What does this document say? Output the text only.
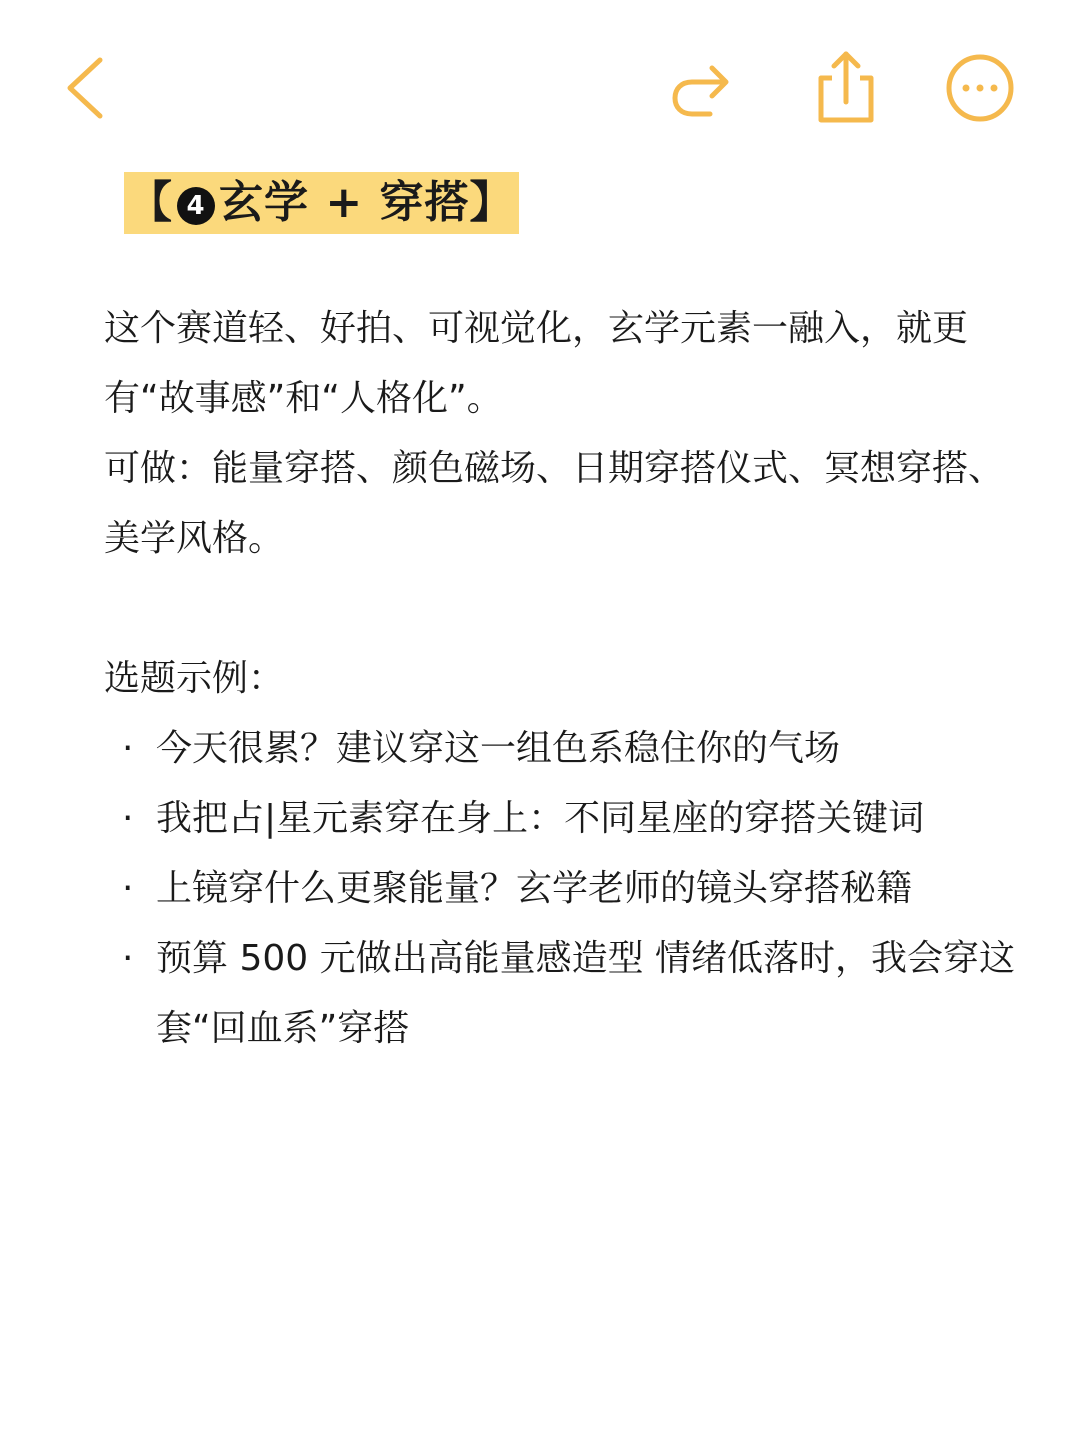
【 4 玄学 + 穿搭】

这个赛道轻、好拍、可视觉化，玄学元素一融入，就更有“故事感”和“人格化”。

可做：能量穿搭、颜色磁场、日期穿搭仪式、冥想穿搭、美学风格。

选题示例：

· 今天很累？建议穿这一组色系稳住你的气场
· 我把占|星元素穿在身上：不同星座的穿搭关键词
· 上镜穿什么更聚能量？玄学老师的镜头穿搭秘籍
· 预算 500 元做出高能量感造型 情绪低落时，我会穿这套“回血系”穿搭
